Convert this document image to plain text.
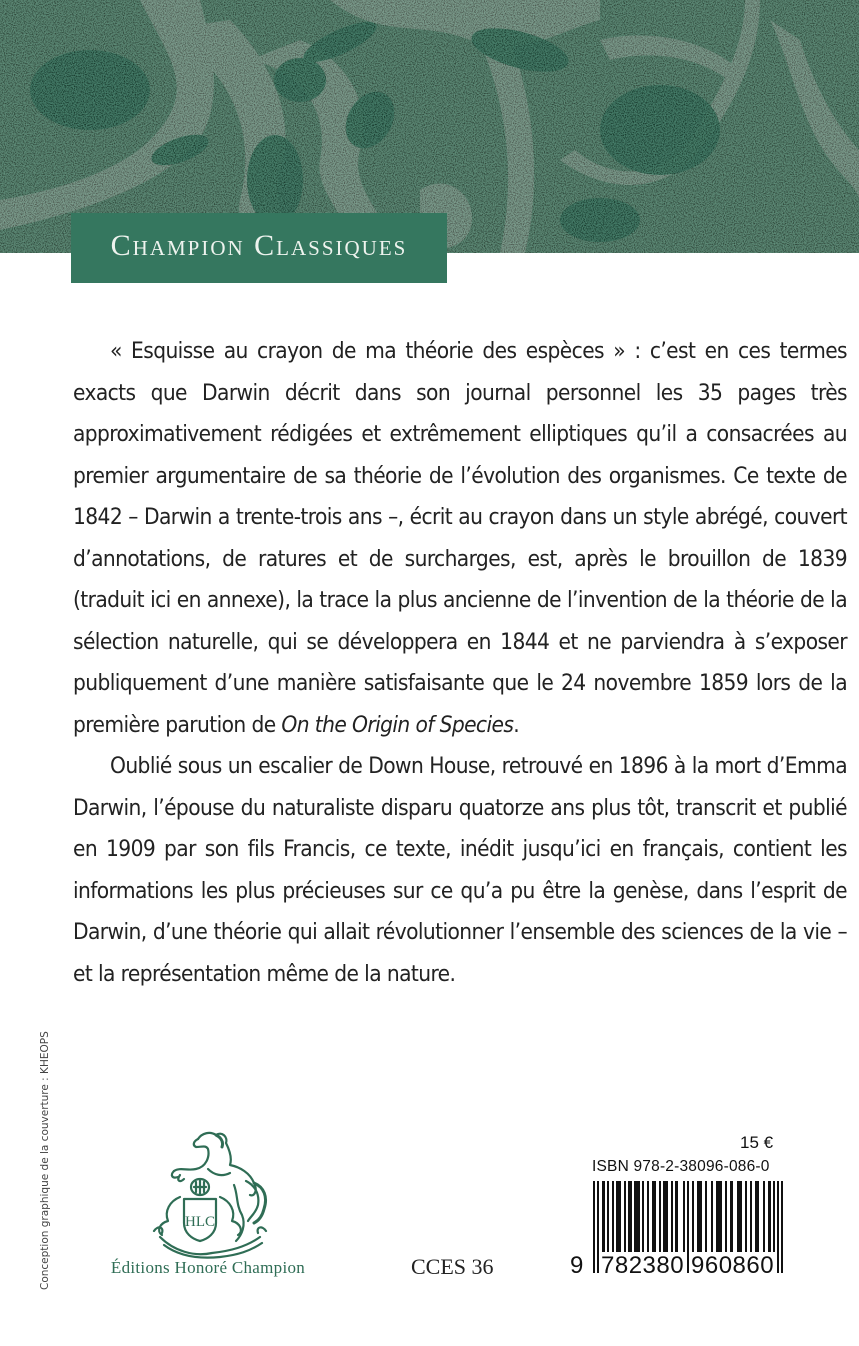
Champion Classiques

« Esquisse au crayon de ma théorie des espèces » : c’est en ces termes exacts que Darwin décrit dans son journal personnel les 35 pages très approximativement rédigées et extrêmement elliptiques qu’il a consacrées au premier argumentaire de sa théorie de l’évolution des organismes. Ce texte de 1842 – Darwin a trente-trois ans –, écrit au crayon dans un style abrégé, couvert d’annotations, de ratures et de surcharges, est, après le brouillon de 1839 (traduit ici en annexe), la trace la plus ancienne de l’invention de la théorie de la sélection naturelle, qui se développera en 1844 et ne parviendra à s’exposer publiquement d’une manière satisfaisante que le 24 novembre 1859 lors de la première parution de On the Origin of Species.

Oublié sous un escalier de Down House, retrouvé en 1896 à la mort d’Emma Darwin, l’épouse du naturaliste disparu quatorze ans plus tôt, transcrit et publié en 1909 par son fils Francis, ce texte, inédit jusqu’ici en français, contient les informations les plus précieuses sur ce qu’a pu être la genèse, dans l’esprit de Darwin, d’une théorie qui allait révolutionner l’ensemble des sciences de la vie – et la représentation même de la nature.

Conception graphique de la couverture : KHEOPS	HLC
Éditions Honoré Champion	CCES 36
15 €
ISBN 978-2-38096-086-0
9 782380 960860
